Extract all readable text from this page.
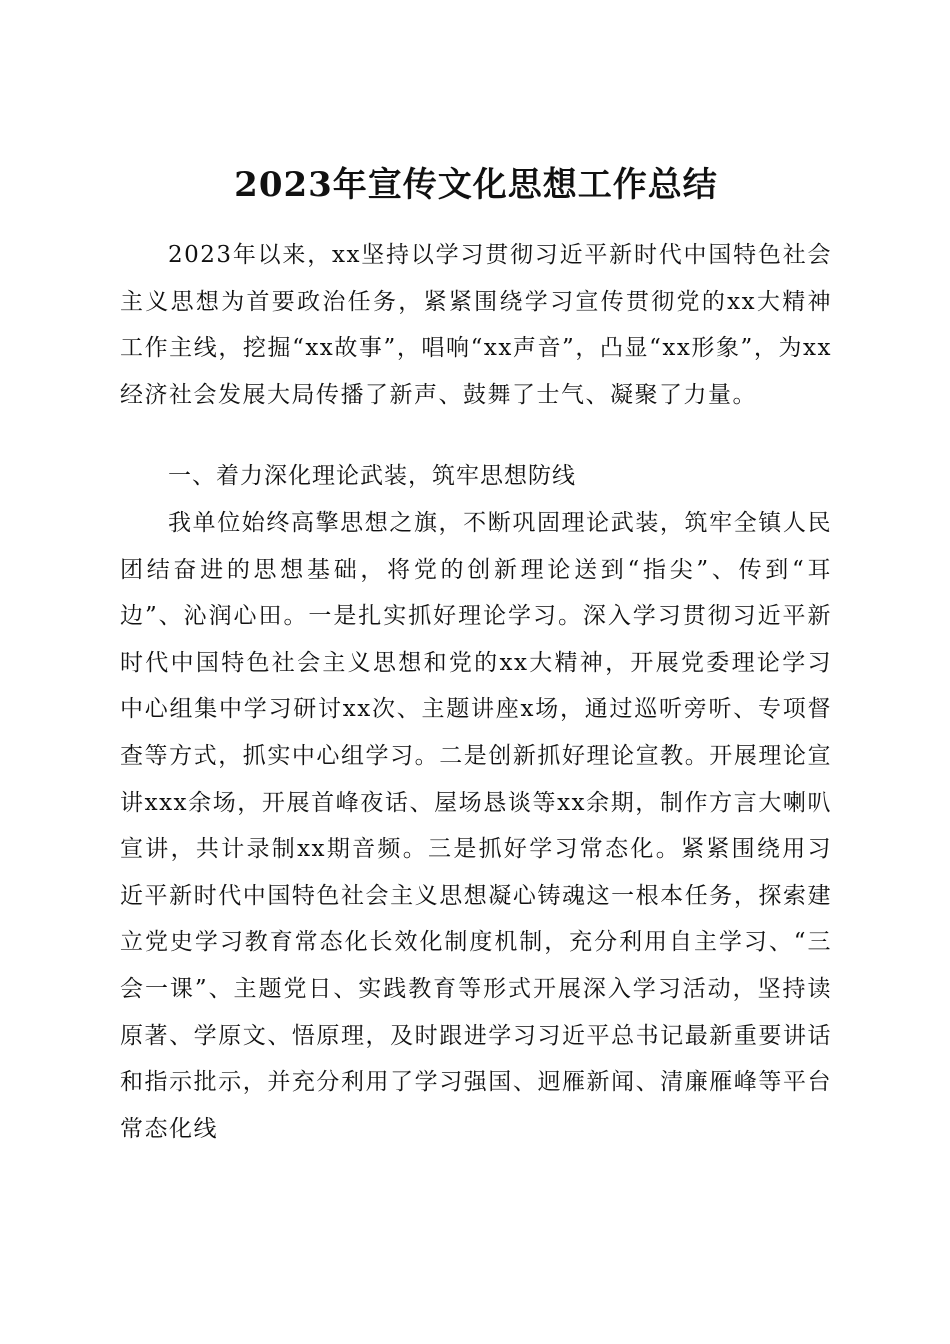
2023年宣传文化思想工作总结

2023年以来，xx坚持以学习贯彻习近平新时代中国特色社会主义思想为首要政治任务，紧紧围绕学习宣传贯彻党的xx大精神工作主线，挖掘“xx故事”，唱响“xx声音”，凸显“xx形象”，为xx经济社会发展大局传播了新声、鼓舞了士气、凝聚了力量。

一、着力深化理论武装，筑牢思想防线

我单位始终高擎思想之旗，不断巩固理论武装，筑牢全镇人民团结奋进的思想基础，将党的创新理论送到“指尖”、传到“耳边”、沁润心田。一是扎实抓好理论学习。深入学习贯彻习近平新时代中国特色社会主义思想和党的xx大精神，开展党委理论学习中心组集中学习研讨xx次、主题讲座x场，通过巡听旁听、专项督查等方式，抓实中心组学习。二是创新抓好理论宣教。开展理论宣讲xxx余场，开展首峰夜话、屋场恳谈等xx余期，制作方言大喇叭宣讲，共计录制xx期音频。三是抓好学习常态化。紧紧围绕用习近平新时代中国特色社会主义思想凝心铸魂这一根本任务，探索建立党史学习教育常态化长效化制度机制，充分利用自主学习、“三会一课”、主题党日、实践教育等形式开展深入学习活动，坚持读原著、学原文、悟原理，及时跟进学习习近平总书记最新重要讲话和指示批示，并充分利用了学习强国、迥雁新闻、清廉雁峰等平台常态化线
